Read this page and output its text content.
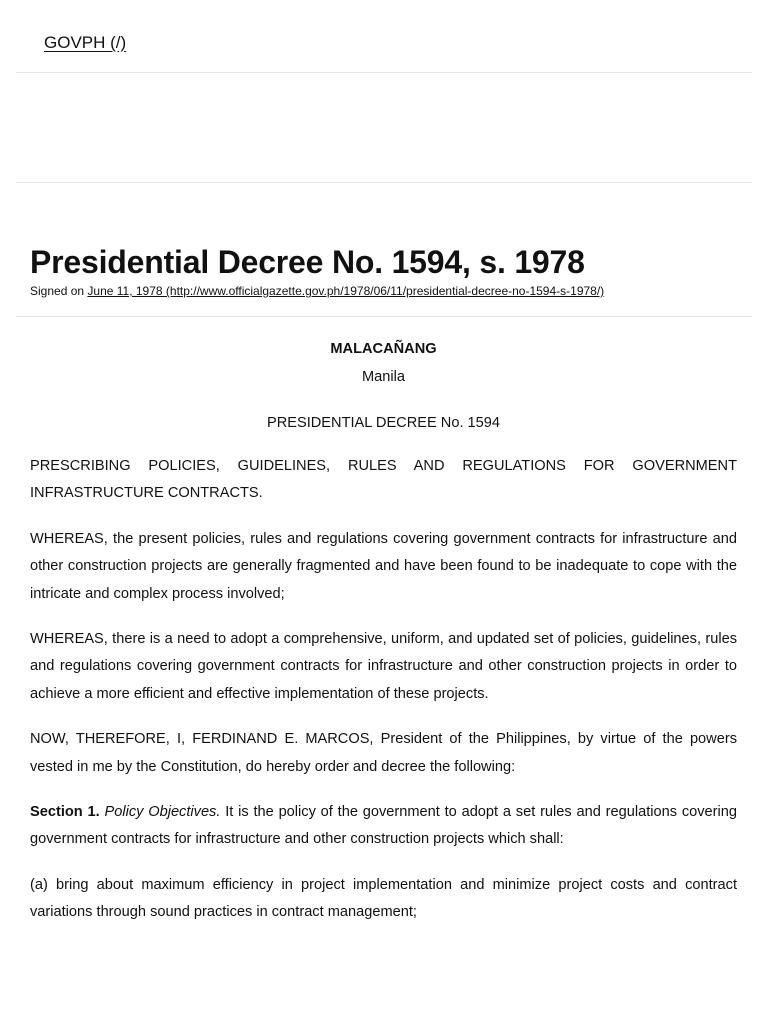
GOVPH (/)
Presidential Decree No. 1594, s. 1978
Signed on June 11, 1978 (http://www.officialgazette.gov.ph/1978/06/11/presidential-decree-no-1594-s-1978/)
MALACAÑANG
Manila
PRESIDENTIAL DECREE No. 1594

PRESCRIBING POLICIES, GUIDELINES, RULES AND REGULATIONS FOR GOVERNMENT INFRASTRUCTURE CONTRACTS.

WHEREAS, the present policies, rules and regulations covering government contracts for infrastructure and other construction projects are generally fragmented and have been found to be inadequate to cope with the intricate and complex process involved;

WHEREAS, there is a need to adopt a comprehensive, uniform, and updated set of policies, guidelines, rules and regulations covering government contracts for infrastructure and other construction projects in order to achieve a more efficient and effective implementation of these projects.

NOW, THEREFORE, I, FERDINAND E. MARCOS, President of the Philippines, by virtue of the powers vested in me by the Constitution, do hereby order and decree the following:

Section 1. Policy Objectives. It is the policy of the government to adopt a set rules and regulations covering government contracts for infrastructure and other construction projects which shall:

(a) bring about maximum efficiency in project implementation and minimize project costs and contract variations through sound practices in contract management;
